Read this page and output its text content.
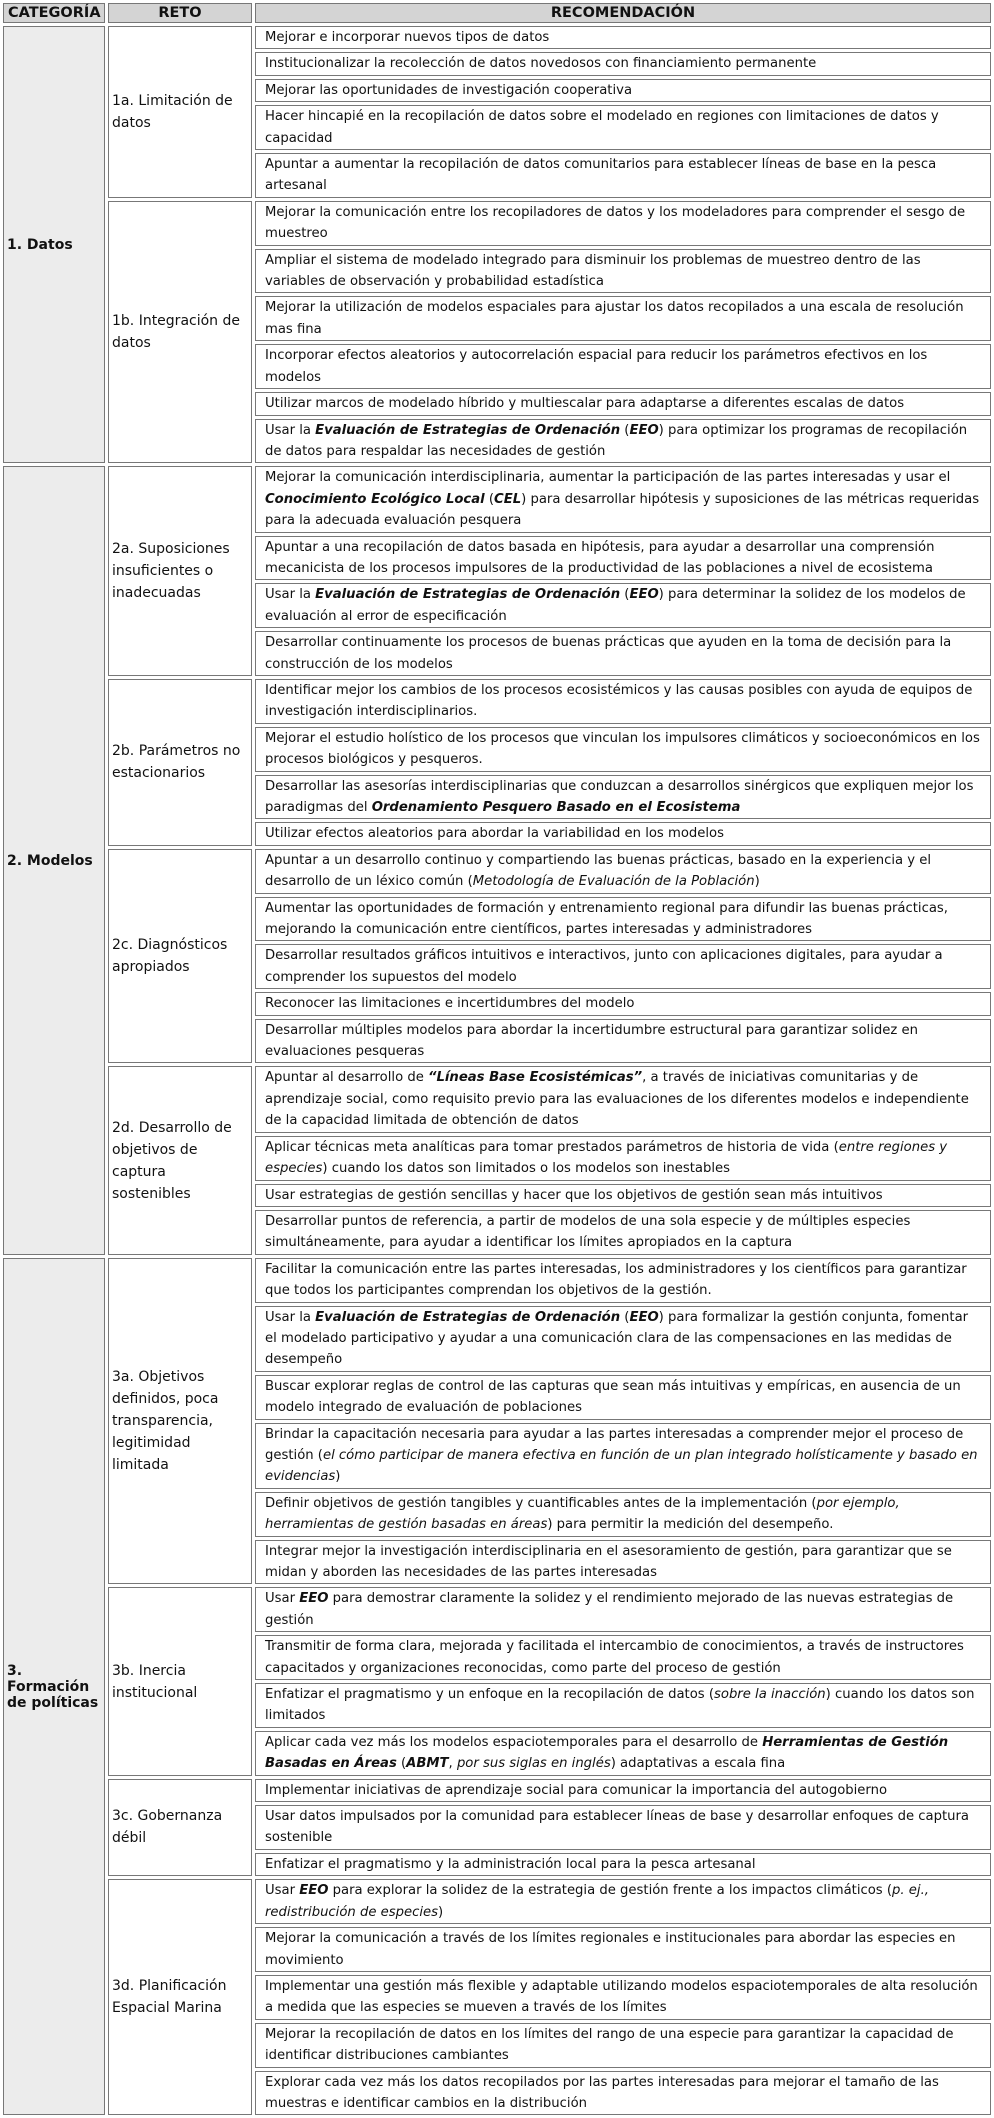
CATEGORÍA	RETO	RECOMENDACIÓN
1. Datos	1a. Limitación de datos	Mejorar e incorporar nuevos tipos de datos
		Institucionalizar la recolección de datos novedosos con financiamiento permanente
		Mejorar las oportunidades de investigación cooperativa
		Hacer hincapié en la recopilación de datos sobre el modelado en regiones con limitaciones de datos y capacidad
		Apuntar a aumentar la recopilación de datos comunitarios para establecer líneas de base en la pesca artesanal
	1b. Integración de datos	Mejorar la comunicación entre los recopiladores de datos y los modeladores para comprender el sesgo de muestreo
		Ampliar el sistema de modelado integrado para disminuir los problemas de muestreo dentro de las variables de observación y probabilidad estadística
		Mejorar la utilización de modelos espaciales para ajustar los datos recopilados a una escala de resolución mas fina
		Incorporar efectos aleatorios y autocorrelación espacial para reducir los parámetros efectivos en los modelos
		Utilizar marcos de modelado híbrido y multiescalar para adaptarse a diferentes escalas de datos
		Usar la Evaluación de Estrategias de Ordenación (EEO) para optimizar los programas de recopilación de datos para respaldar las necesidades de gestión
2. Modelos	2a. Suposiciones insuficientes o inadecuadas	Mejorar la comunicación interdisciplinaria, aumentar la participación de las partes interesadas y usar el Conocimiento Ecológico Local (CEL) para desarrollar hipótesis y suposiciones de las métricas requeridas para la adecuada evaluación pesquera
		Apuntar a una recopilación de datos basada en hipótesis, para ayudar a desarrollar una comprensión mecanicista de los procesos impulsores de la productividad de las poblaciones a nivel de ecosistema
		Usar la Evaluación de Estrategias de Ordenación (EEO) para determinar la solidez de los modelos de evaluación al error de especificación
		Desarrollar continuamente los procesos de buenas prácticas que ayuden en la toma de decisión para la construcción de los modelos
	2b. Parámetros no estacionarios	Identificar mejor los cambios de los procesos ecosistémicos y las causas posibles con ayuda de equipos de investigación interdisciplinarios.
		Mejorar el estudio holístico de los procesos que vinculan los impulsores climáticos y socioeconómicos en los procesos biológicos y pesqueros.
		Desarrollar las asesorías interdisciplinarias que conduzcan a desarrollos sinérgicos que expliquen mejor los paradigmas del Ordenamiento Pesquero Basado en el Ecosistema
		Utilizar efectos aleatorios para abordar la variabilidad en los modelos
	2c. Diagnósticos apropiados	Apuntar a un desarrollo continuo y compartiendo las buenas prácticas, basado en la experiencia y el desarrollo de un léxico común (Metodología de Evaluación de la Población)
		Aumentar las oportunidades de formación y entrenamiento regional para difundir las buenas prácticas, mejorando la comunicación entre científicos, partes interesadas y administradores
		Desarrollar resultados gráficos intuitivos e interactivos, junto con aplicaciones digitales, para ayudar a comprender los supuestos del modelo
		Reconocer las limitaciones e incertidumbres del modelo
		Desarrollar múltiples modelos para abordar la incertidumbre estructural para garantizar solidez en evaluaciones pesqueras
	2d. Desarrollo de objetivos de captura sostenibles	Apuntar al desarrollo de “Líneas Base Ecosistémicas”, a través de iniciativas comunitarias y de aprendizaje social, como requisito previo para las evaluaciones de los diferentes modelos e independiente de la capacidad limitada de obtención de datos
		Aplicar técnicas meta analíticas para tomar prestados parámetros de historia de vida (entre regiones y especies) cuando los datos son limitados o los modelos son inestables
		Usar estrategias de gestión sencillas y hacer que los objetivos de gestión sean más intuitivos
		Desarrollar puntos de referencia, a partir de modelos de una sola especie y de múltiples especies simultáneamente, para ayudar a identificar los límites apropiados en la captura
3. Formación de políticas	3a. Objetivos definidos, poca transparencia, legitimidad limitada	Facilitar la comunicación entre las partes interesadas, los administradores y los científicos para garantizar que todos los participantes comprendan los objetivos de la gestión.
		Usar la Evaluación de Estrategias de Ordenación (EEO) para formalizar la gestión conjunta, fomentar el modelado participativo y ayudar a una comunicación clara de las compensaciones en las medidas de desempeño
		Buscar explorar reglas de control de las capturas que sean más intuitivas y empíricas, en ausencia de un modelo integrado de evaluación de poblaciones
		Brindar la capacitación necesaria para ayudar a las partes interesadas a comprender mejor el proceso de gestión (el cómo participar de manera efectiva en función de un plan integrado holísticamente y basado en evidencias)
		Definir objetivos de gestión tangibles y cuantificables antes de la implementación (por ejemplo, herramientas de gestión basadas en áreas) para permitir la medición del desempeño.
		Integrar mejor la investigación interdisciplinaria en el asesoramiento de gestión, para garantizar que se midan y aborden las necesidades de las partes interesadas
	3b. Inercia institucional	Usar EEO para demostrar claramente la solidez y el rendimiento mejorado de las nuevas estrategias de gestión
		Transmitir de forma clara, mejorada y facilitada el intercambio de conocimientos, a través de instructores capacitados y organizaciones reconocidas, como parte del proceso de gestión
		Enfatizar el pragmatismo y un enfoque en la recopilación de datos (sobre la inacción) cuando los datos son limitados
		Aplicar cada vez más los modelos espaciotemporales para el desarrollo de Herramientas de Gestión Basadas en Áreas (ABMT, por sus siglas en inglés) adaptativas a escala fina
	3c. Gobernanza débil	Implementar iniciativas de aprendizaje social para comunicar la importancia del autogobierno
		Usar datos impulsados por la comunidad para establecer líneas de base y desarrollar enfoques de captura sostenible
		Enfatizar el pragmatismo y la administración local para la pesca artesanal
	3d. Planificación Espacial Marina	Usar EEO para explorar la solidez de la estrategia de gestión frente a los impactos climáticos (p. ej., redistribución de especies)
		Mejorar la comunicación a través de los límites regionales e institucionales para abordar las especies en movimiento
		Implementar una gestión más flexible y adaptable utilizando modelos espaciotemporales de alta resolución a medida que las especies se mueven a través de los límites
		Mejorar la recopilación de datos en los límites del rango de una especie para garantizar la capacidad de identificar distribuciones cambiantes
		Explorar cada vez más los datos recopilados por las partes interesadas para mejorar el tamaño de las muestras e identificar cambios en la distribución
